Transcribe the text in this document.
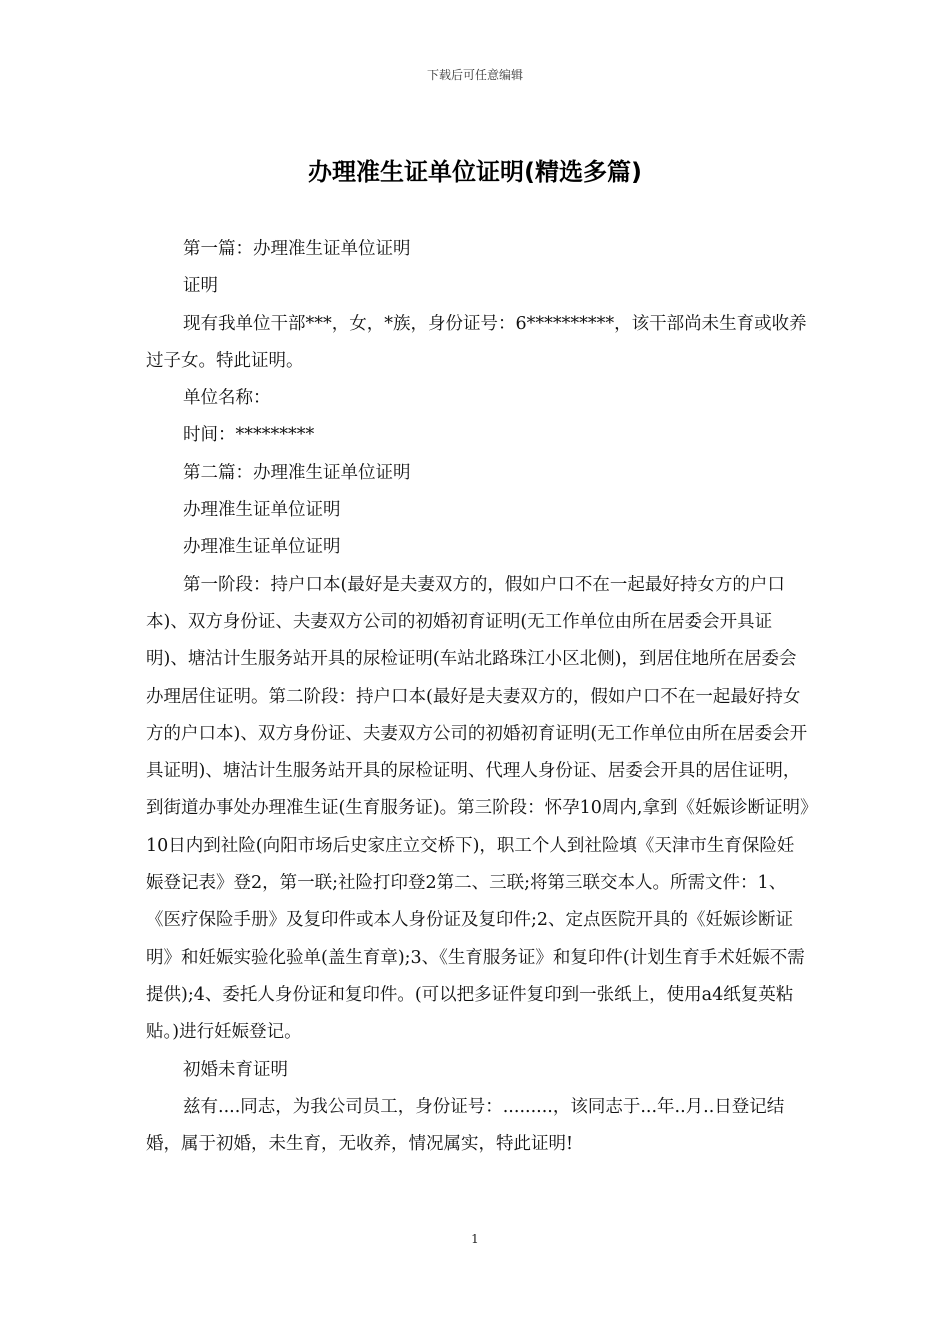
下载后可任意编辑
办理准生证单位证明(精选多篇)

第一篇：办理准生证单位证明

证明

现有我单位干部***，女，*族，身份证号：6**********，该干部尚未生育或收养过子女。特此证明。

单位名称：

时间：*********

第二篇：办理准生证单位证明

办理准生证单位证明

办理准生证单位证明

第一阶段：持户口本(最好是夫妻双方的，假如户口不在一起最好持女方的户口本)、双方身份证、夫妻双方公司的初婚初育证明(无工作单位由所在居委会开具证明)、塘沽计生服务站开具的尿检证明(车站北路珠江小区北侧)，到居住地所在居委会办理居住证明。第二阶段：持户口本(最好是夫妻双方的，假如户口不在一起最好持女方的户口本)、双方身份证、夫妻双方公司的初婚初育证明(无工作单位由所在居委会开具证明)、塘沽计生服务站开具的尿检证明、代理人身份证、居委会开具的居住证明，到街道办事处办理准生证(生育服务证)。第三阶段：怀孕10周内,拿到《妊娠诊断证明》10日内到社险(向阳市场后史家庄立交桥下)，职工个人到社险填《天津市生育保险妊娠登记表》登2，第一联;社险打印登2第二、三联;将第三联交本人。所需文件：1、《医疗保险手册》及复印件或本人身份证及复印件;2、定点医院开具的《妊娠诊断证明》和妊娠实验化验单(盖生育章);3、《生育服务证》和复印件(计划生育手术妊娠不需提供);4、委托人身份证和复印件。(可以把多证件复印到一张纸上，使用a4纸复英粘贴。)进行妊娠登记。

初婚未育证明

兹有....同志，为我公司员工，身份证号：.........，该同志于...年..月..日登记结婚，属于初婚，未生育，无收养，情况属实，特此证明!

1
